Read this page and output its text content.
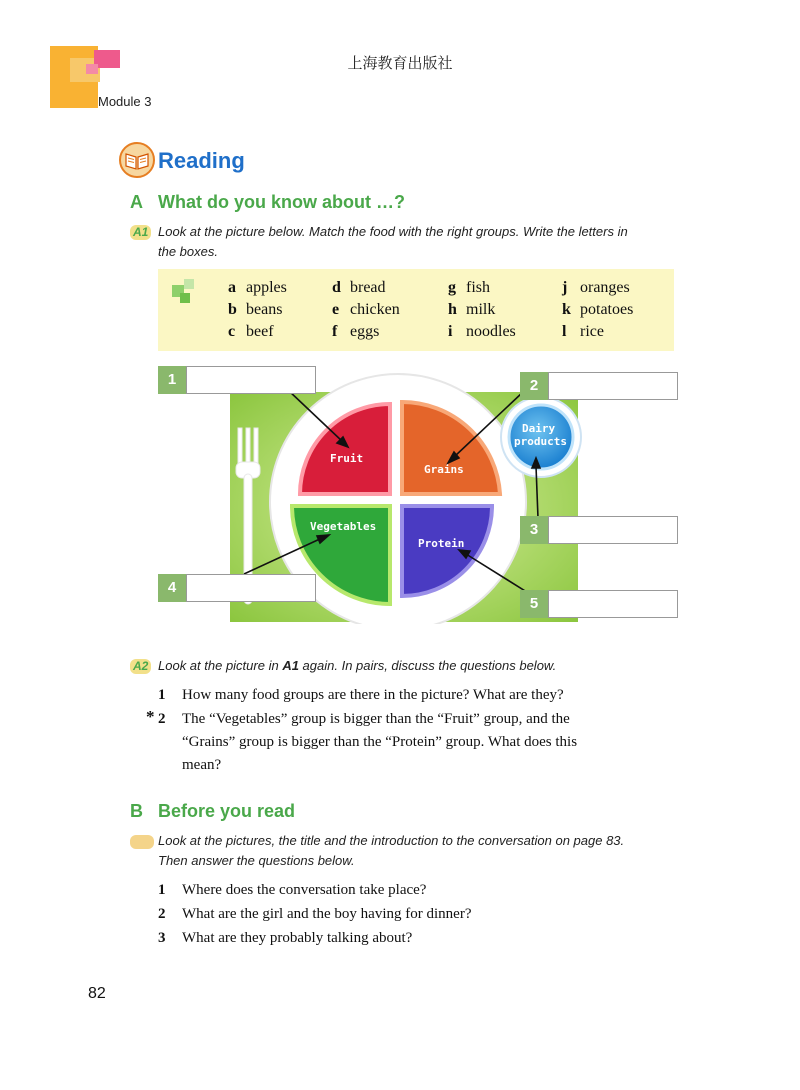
上海教育出版社
Module 3
Reading
A What do you know about …?
A1 Look at the picture below. Match the food with the right groups. Write the letters in
the boxes.
a apples
b beans
c beef
d bread
e chicken
f eggs
g fish
h milk
i noodles
j oranges
k potatoes
l rice
Fruit
Grains
Vegetables
Protein
Dairy
products
1	2
3
4
5
A2 Look at the picture in A1 again. In pairs, discuss the questions below.
1 How many food groups are there in the picture? What are they?
* 2 The “Vegetables” group is bigger than the “Fruit” group, and the
“Grains” group is bigger than the “Protein” group. What does this
mean?
B Before you read
Look at the pictures, the title and the introduction to the conversation on page 83.
Then answer the questions below.
1 Where does the conversation take place?
2 What are the girl and the boy having for dinner?
3 What are they probably talking about?
82
